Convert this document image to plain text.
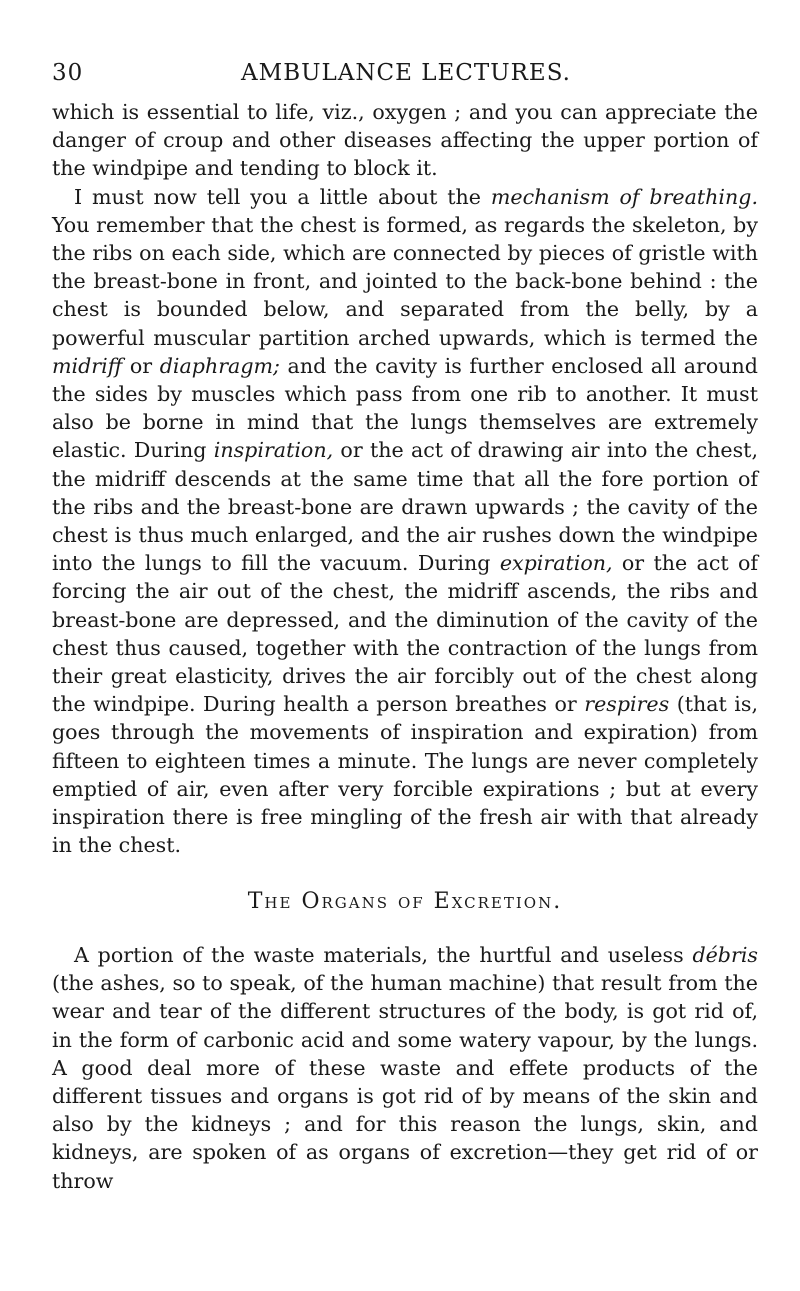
30	AMBULANCE LECTURES.

which is essential to life, viz., oxygen ; and you can appreciate the danger of croup and other diseases affecting the upper portion of the windpipe and tending to block it.

I must now tell you a little about the mechanism of breathing. You remember that the chest is formed, as regards the skeleton, by the ribs on each side, which are connected by pieces of gristle with the breast-bone in front, and jointed to the back-bone behind : the chest is bounded below, and separated from the belly, by a powerful muscular partition arched upwards, which is termed the midriff or diaphragm; and the cavity is further enclosed all around the sides by muscles which pass from one rib to another. It must also be borne in mind that the lungs themselves are extremely elastic. During inspiration, or the act of drawing air into the chest, the midriff descends at the same time that all the fore portion of the ribs and the breast-bone are drawn upwards ; the cavity of the chest is thus much enlarged, and the air rushes down the windpipe into the lungs to fill the vacuum. During expiration, or the act of forcing the air out of the chest, the midriff ascends, the ribs and breast-bone are depressed, and the diminution of the cavity of the chest thus caused, together with the contraction of the lungs from their great elasticity, drives the air forcibly out of the chest along the windpipe. During health a person breathes or respires (that is, goes through the movements of inspiration and expiration) from fifteen to eighteen times a minute. The lungs are never completely emptied of air, even after very forcible expirations ; but at every inspiration there is free mingling of the fresh air with that already in the chest.

The Organs of Excretion.

A portion of the waste materials, the hurtful and useless débris (the ashes, so to speak, of the human machine) that result from the wear and tear of the different structures of the body, is got rid of, in the form of carbonic acid and some watery vapour, by the lungs. A good deal more of these waste and effete products of the different tissues and organs is got rid of by means of the skin and also by the kidneys ; and for this reason the lungs, skin, and kidneys, are spoken of as organs of excretion—they get rid of or throw
